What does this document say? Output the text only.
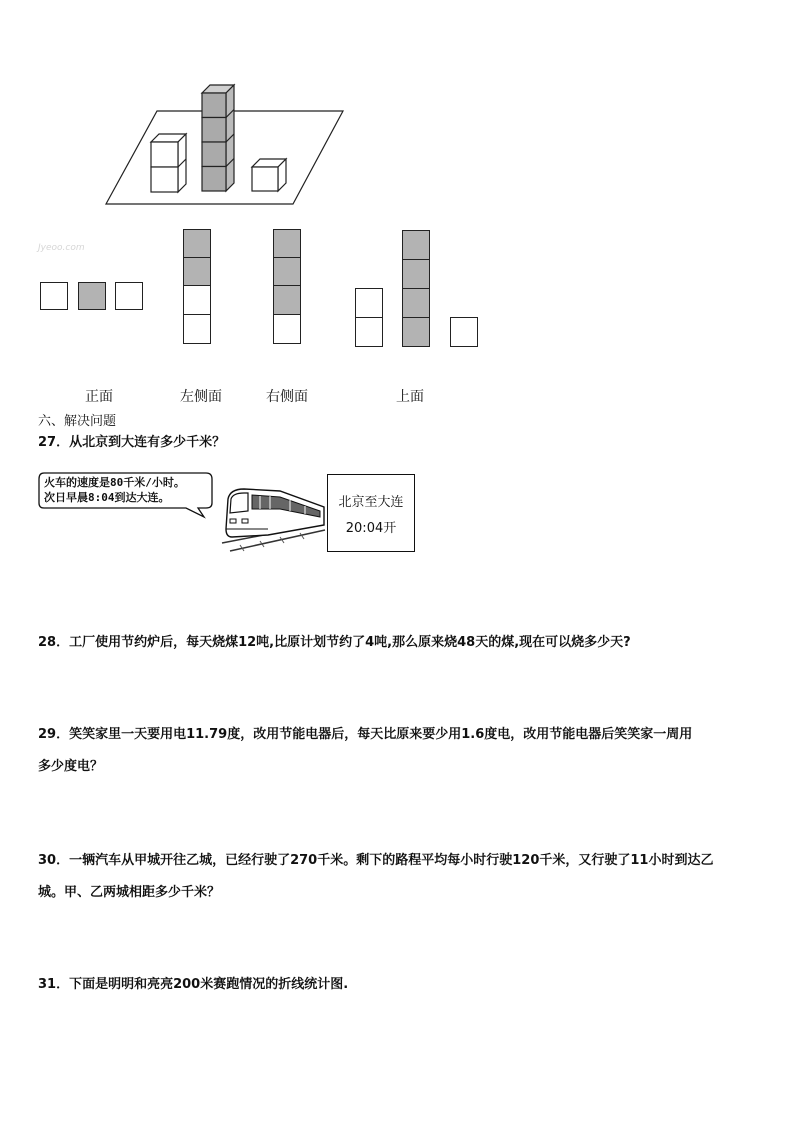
Jyeoo.com
正面	左侧面	右侧面	上面
六、解决问题
27．从北京到大连有多少千米？
火车的速度是80千米/小时。
次日早晨8:04到达大连。	北京至大连
20:04开
28．工厂使用节约炉后，每天烧煤12吨,比原计划节约了4吨,那么原来烧48天的煤,现在可以烧多少天?
29．笑笑家里一天要用电11.79度，改用节能电器后，每天比原来要少用1.6度电，改用节能电器后笑笑家一周用
多少度电？
30．一辆汽车从甲城开往乙城，已经行驶了270千米。剩下的路程平均每小时行驶120千米，又行驶了11小时到达乙
城。甲、乙两城相距多少千米？
31．下面是明明和亮亮200米赛跑情况的折线统计图.
